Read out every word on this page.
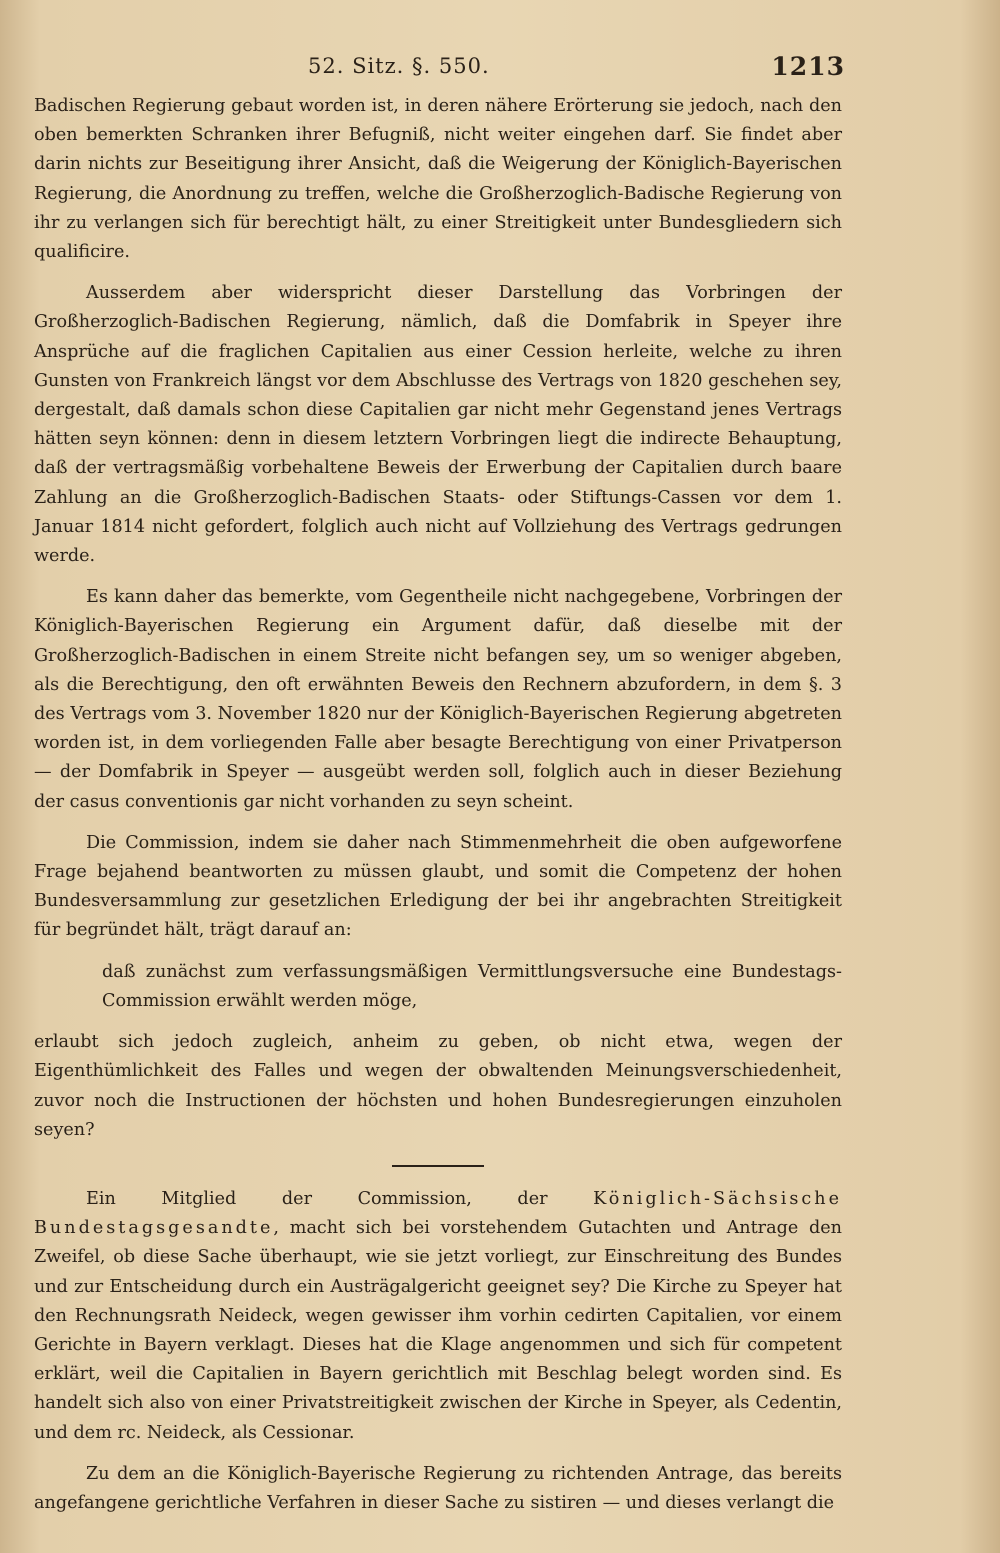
52. Sitz. §. 550.	1213

Badischen Regierung gebaut worden ist, in deren nähere Erörterung sie jedoch, nach den oben bemerkten Schranken ihrer Befugniß, nicht weiter eingehen darf. Sie findet aber darin nichts zur Beseitigung ihrer Ansicht, daß die Weigerung der Königlich-Bayerischen Regierung, die Anordnung zu treffen, welche die Großherzoglich-Badische Regierung von ihr zu verlangen sich für berechtigt hält, zu einer Streitigkeit unter Bundesgliedern sich qualificire.

Ausserdem aber widerspricht dieser Darstellung das Vorbringen der Großherzoglich-Badischen Regierung, nämlich, daß die Domfabrik in Speyer ihre Ansprüche auf die fraglichen Capitalien aus einer Cession herleite, welche zu ihren Gunsten von Frankreich längst vor dem Abschlusse des Vertrags von 1820 geschehen sey, dergestalt, daß damals schon diese Capitalien gar nicht mehr Gegenstand jenes Vertrags hätten seyn können: denn in diesem letztern Vorbringen liegt die indirecte Behauptung, daß der vertragsmäßig vorbehaltene Beweis der Erwerbung der Capitalien durch baare Zahlung an die Großherzoglich-Badischen Staats- oder Stiftungs-Cassen vor dem 1. Januar 1814 nicht gefordert, folglich auch nicht auf Vollziehung des Vertrags gedrungen werde.

Es kann daher das bemerkte, vom Gegentheile nicht nachgegebene, Vorbringen der Königlich-Bayerischen Regierung ein Argument dafür, daß dieselbe mit der Großherzoglich-Badischen in einem Streite nicht befangen sey, um so weniger abgeben, als die Berechtigung, den oft erwähnten Beweis den Rechnern abzufordern, in dem §. 3 des Vertrags vom 3. November 1820 nur der Königlich-Bayerischen Regierung abgetreten worden ist, in dem vorliegenden Falle aber besagte Berechtigung von einer Privatperson — der Domfabrik in Speyer — ausgeübt werden soll, folglich auch in dieser Beziehung der casus conventionis gar nicht vorhanden zu seyn scheint.

Die Commission, indem sie daher nach Stimmenmehrheit die oben aufgeworfene Frage bejahend beantworten zu müssen glaubt, und somit die Competenz der hohen Bundesversammlung zur gesetzlichen Erledigung der bei ihr angebrachten Streitigkeit für begründet hält, trägt darauf an:

daß zunächst zum verfassungsmäßigen Vermittlungsversuche eine Bundestags-Commission erwählt werden möge,

erlaubt sich jedoch zugleich, anheim zu geben, ob nicht etwa, wegen der Eigenthümlichkeit des Falles und wegen der obwaltenden Meinungsverschiedenheit, zuvor noch die Instructionen der höchsten und hohen Bundesregierungen einzuholen seyen?

Ein Mitglied der Commission, der Königlich-Sächsische Bundestagsgesandte, macht sich bei vorstehendem Gutachten und Antrage den Zweifel, ob diese Sache überhaupt, wie sie jetzt vorliegt, zur Einschreitung des Bundes und zur Entscheidung durch ein Austrägalgericht geeignet sey? Die Kirche zu Speyer hat den Rechnungsrath Neideck, wegen gewisser ihm vorhin cedirten Capitalien, vor einem Gerichte in Bayern verklagt. Dieses hat die Klage angenommen und sich für competent erklärt, weil die Capitalien in Bayern gerichtlich mit Beschlag belegt worden sind. Es handelt sich also von einer Privatstreitigkeit zwischen der Kirche in Speyer, als Cedentin, und dem rc. Neideck, als Cessionar.

Zu dem an die Königlich-Bayerische Regierung zu richtenden Antrage, das bereits angefangene gerichtliche Verfahren in dieser Sache zu sistiren — und dieses verlangt die
